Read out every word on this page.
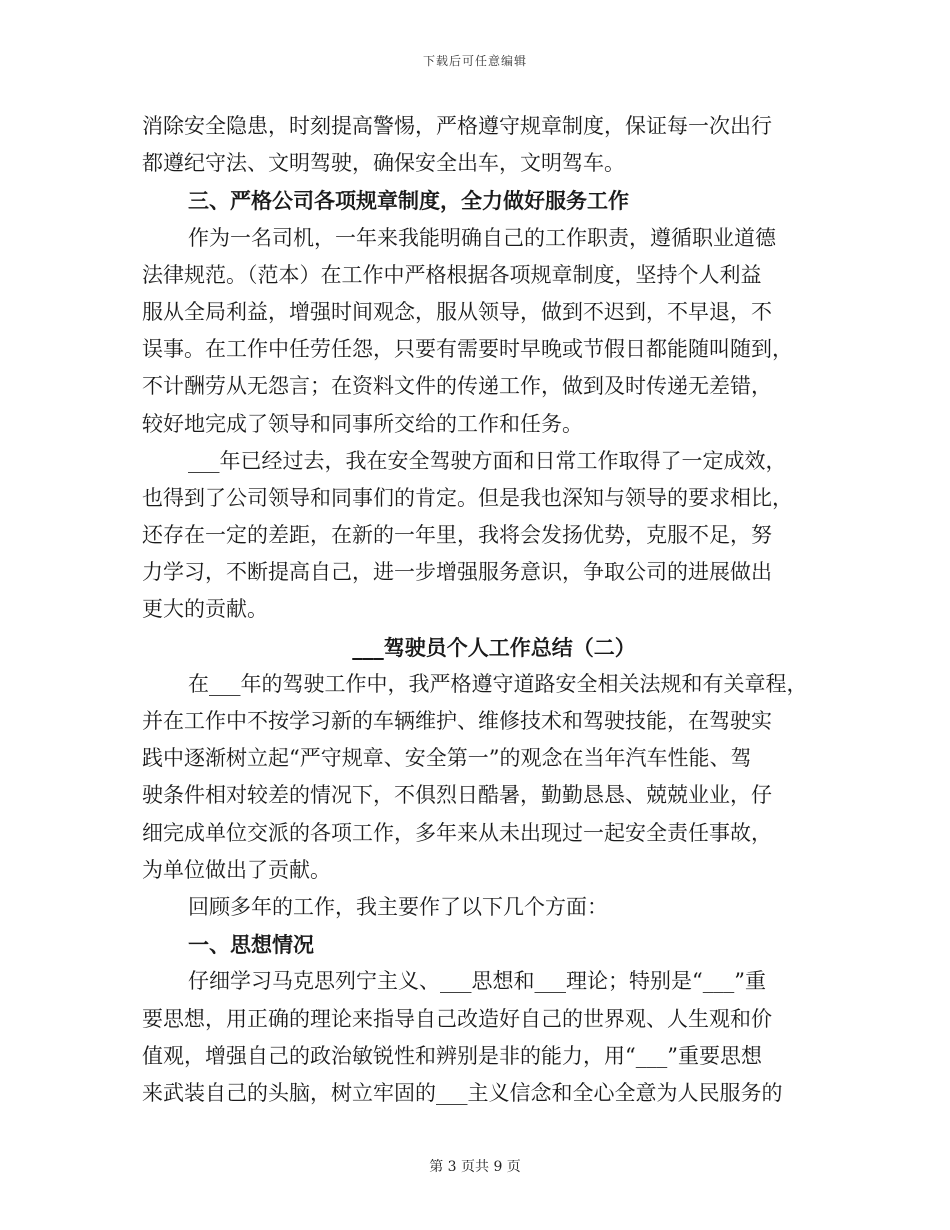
下载后可任意编辑
消除安全隐患，时刻提高警惕，严格遵守规章制度，保证每一次出行
都遵纪守法、文明驾驶，确保安全出车，文明驾车。
三、严格公司各项规章制度，全力做好服务工作
作为一名司机，一年来我能明确自己的工作职责，遵循职业道德
法律规范。（范本）在工作中严格根据各项规章制度，坚持个人利益
服从全局利益，增强时间观念，服从领导，做到不迟到，不早退，不
误事。在工作中任劳任怨，只要有需要时早晚或节假日都能随叫随到，
不计酬劳从无怨言；在资料文件的传递工作，做到及时传递无差错，
较好地完成了领导和同事所交给的工作和任务。
___年已经过去，我在安全驾驶方面和日常工作取得了一定成效，
也得到了公司领导和同事们的肯定。但是我也深知与领导的要求相比，
还存在一定的差距，在新的一年里，我将会发扬优势，克服不足，努
力学习，不断提高自己，进一步增强服务意识，争取公司的进展做出
更大的贡献。
___驾驶员个人工作总结（二）
在___年的驾驶工作中，我严格遵守道路安全相关法规和有关章程，
并在工作中不按学习新的车辆维护、维修技术和驾驶技能，在驾驶实
践中逐渐树立起“严守规章、安全第一”的观念在当年汽车性能、驾
驶条件相对较差的情况下，不俱烈日酷暑，勤勤恳恳、兢兢业业，仔
细完成单位交派的各项工作，多年来从未出现过一起安全责任事故，
为单位做出了贡献。
回顾多年的工作，我主要作了以下几个方面：
一、思想情况
仔细学习马克思列宁主义、___思想和___理论；特别是“___”重
要思想，用正确的理论来指导自己改造好自己的世界观、人生观和价
值观，增强自己的政治敏锐性和辨别是非的能力，用“___”重要思想
来武装自己的头脑，树立牢固的___主义信念和全心全意为人民服务的
第 3 页共 9 页
